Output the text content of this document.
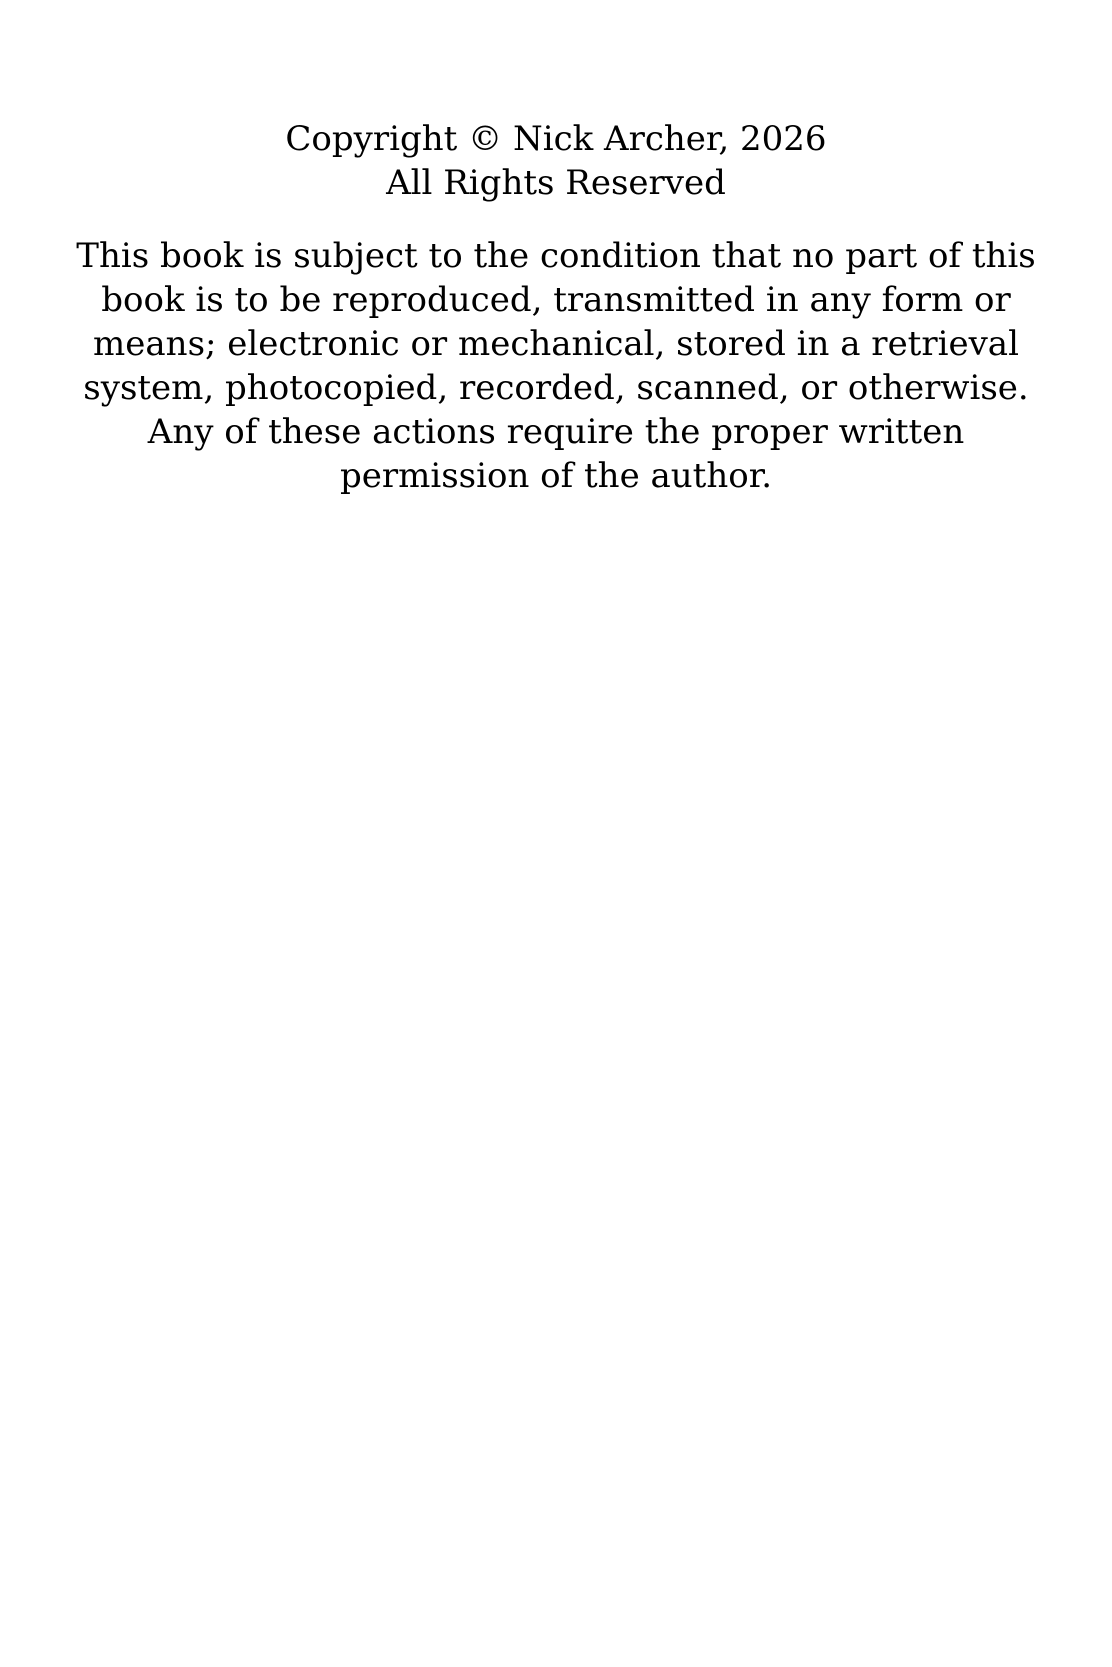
Copyright © Nick Archer, 2026
All Rights Reserved
This book is subject to the condition that no part of this
book is to be reproduced, transmitted in any form or
means; electronic or mechanical, stored in a retrieval
system, photocopied, recorded, scanned, or otherwise.
Any of these actions require the proper written
permission of the author.
